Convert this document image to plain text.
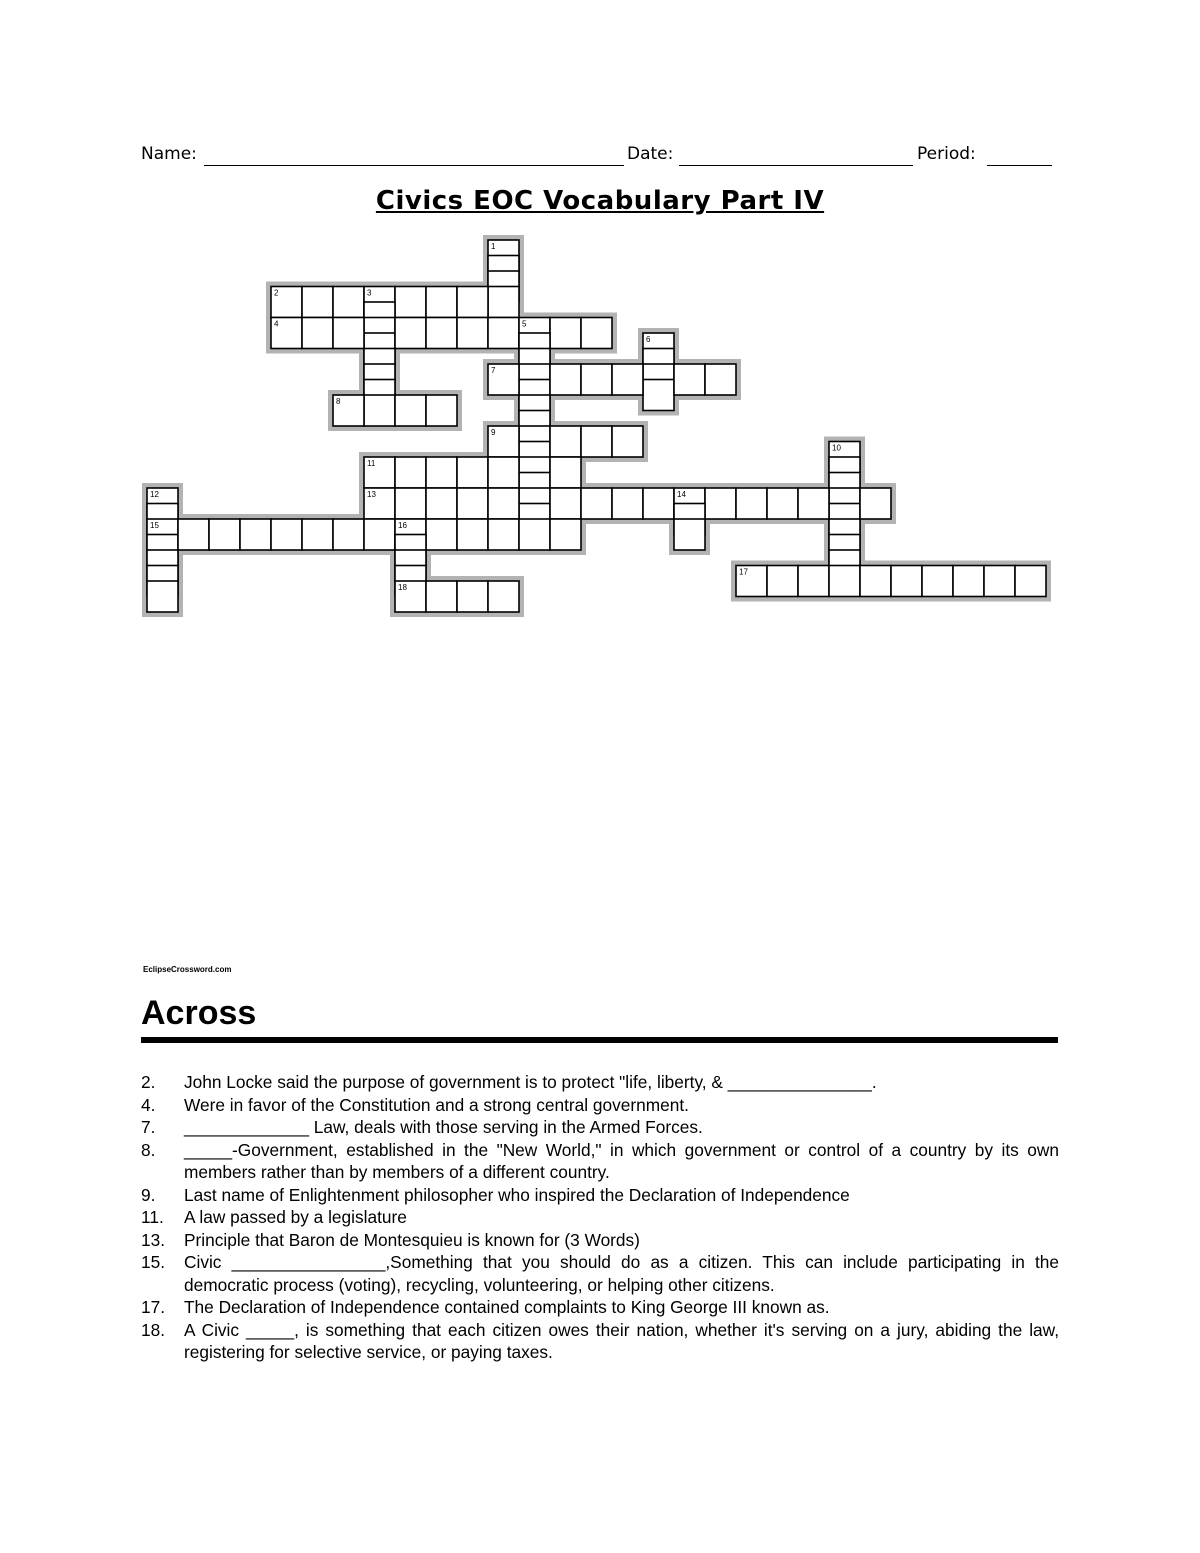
Name:	Date:	Period:
Civics EOC Vocabulary Part IV
1
2	3
4	5
6
7
8
9
10
11
12
15
13	14
16
18
17
EclipseCrossword.com
Across
2. John Locke said the purpose of government is to protect "life, liberty, & _______________.
4. Were in favor of the Constitution and a strong central government.
7. _____________ Law, deals with those serving in the Armed Forces.
8. _____-Government, established in the "New World," in which government or control of a country by its own members rather than by members of a different country.
9. Last name of Enlightenment philosopher who inspired the Declaration of Independence
11. A law passed by a legislature
13. Principle that Baron de Montesquieu is known for (3 Words)
15. Civic ________________,Something that you should do as a citizen. This can include participating in the democratic process (voting), recycling, volunteering, or helping other citizens.
17. The Declaration of Independence contained complaints to King George III known as.
18. A Civic _____, is something that each citizen owes their nation, whether it's serving on a jury, abiding the law, registering for selective service, or paying taxes.
